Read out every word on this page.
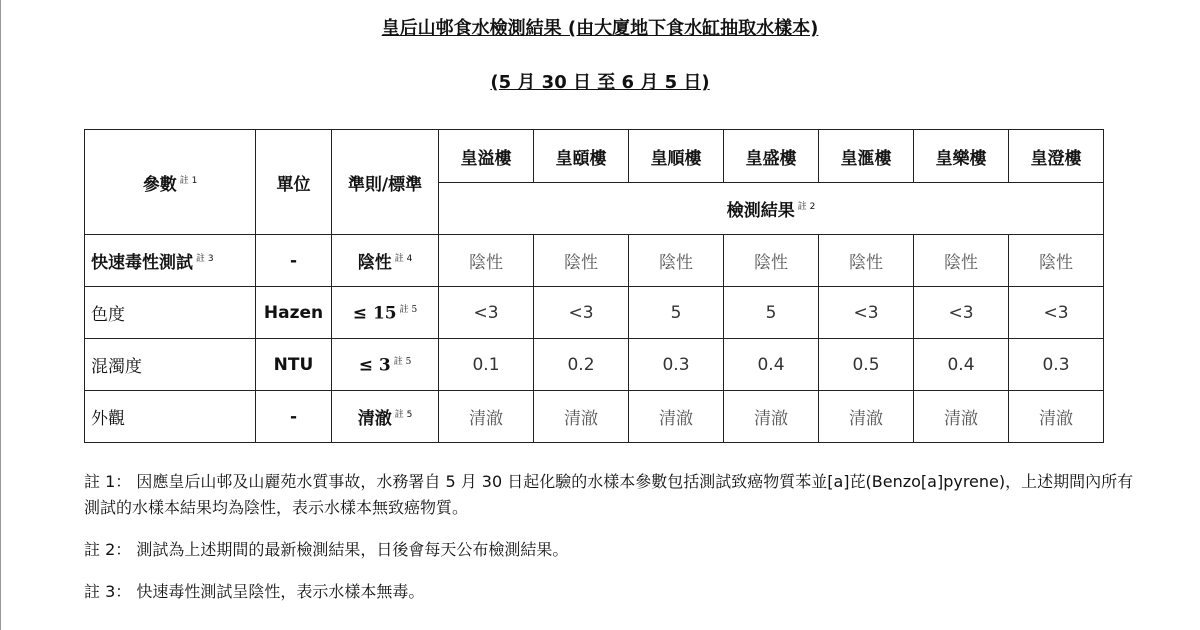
皇后山邨食水檢測結果 (由大廈地下食水缸抽取水樣本)
(5 月 30 日 至 6 月 5 日)
參數 $^{註 1}$	單位	準則/標準	皇溢樓	皇頤樓	皇順樓	皇盛樓	皇滙樓	皇樂樓	皇澄樓
			檢測結果 $^{註 2}$
快速毒性測試 $^{註 3}$	-	陰性 $^{註 4}$	陰性	陰性	陰性	陰性	陰性	陰性	陰性
色度	Hazen	≤ 15 $^{註 5}$	<3	<3	5	5	<3	<3	<3
混濁度	NTU	≤ 3 $^{註 5}$	0.1	0.2	0.3	0.4	0.5	0.4	0.3
外觀	-	清澈 $^{註 5}$	清澈	清澈	清澈	清澈	清澈	清澈	清澈

註 1： 因應皇后山邨及山麗苑水質事故，水務署自 5 月 30 日起化驗的水樣本參數包括測試致癌物質苯並[a]芘(Benzo[a]pyrene)，上述期間內所有測試的水樣本結果均為陰性，表示水樣本無致癌物質。

註 2： 測試為上述期間的最新檢測結果，日後會每天公布檢測結果。

註 3： 快速毒性測試呈陰性，表示水樣本無毒。
